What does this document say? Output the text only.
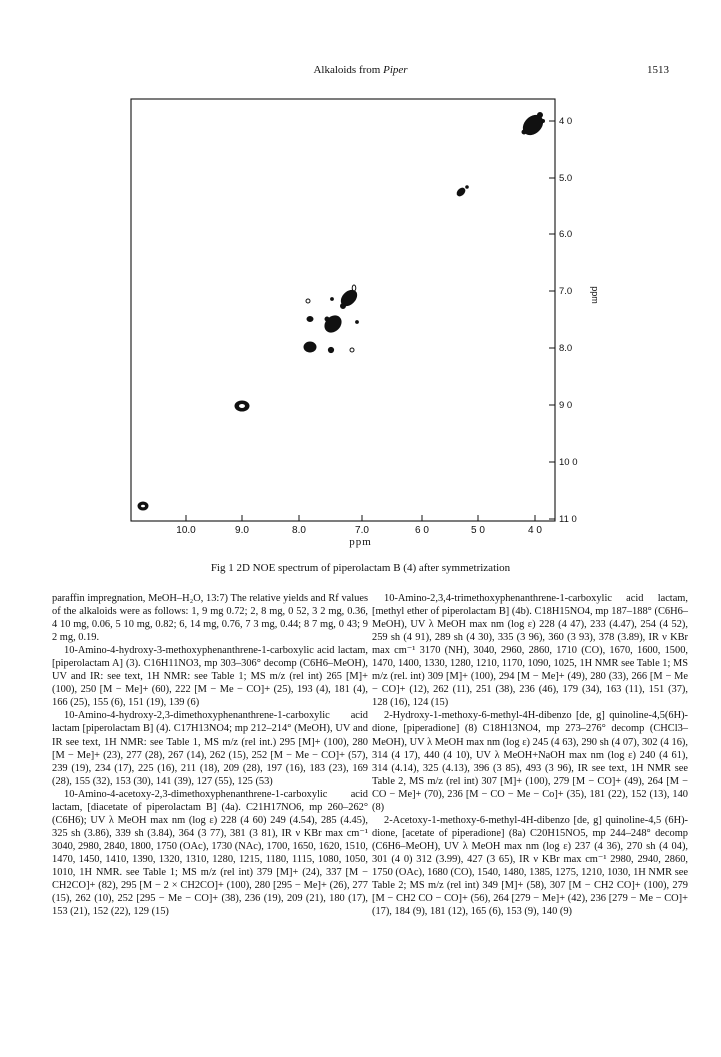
Alkaloids from Piper	1513
4 0
5.0
6.0
7.0
8.0
9 0
10 0
11 0
ppm
10.0	9.0	8.0	7.0	6 0	5 0	4 0
ppm
Fig 1 2D NOE spectrum of piperolactam B (4) after symmetrization

paraffin impregnation, MeOH–H₂O, 13:7) The relative yields and Rf values of the alkaloids were as follows: 1, 9 mg 0.72; 2, 8 mg, 0 52, 3 2 mg, 0.36, 4 10 mg, 0.06, 5 10 mg, 0.82; 6, 14 mg, 0.76, 7 3 mg, 0.44; 8 7 mg, 0 43; 9 2 mg, 0.19.

10-Amino-4-hydroxy-3-methoxyphenanthrene-1-carboxylic acid lactam, [piperolactam A] (3). C16H11NO3, mp 303–306° decomp (C6H6–MeOH), UV and IR: see text, 1H NMR: see Table 1; MS m/z (rel int) 265 [M]+ (100), 250 [M − Me]+ (60), 222 [M − Me − CO]+ (25), 193 (4), 181 (4), 166 (25), 155 (6), 151 (19), 139 (6)

10-Amino-4-hydroxy-2,3-dimethoxyphenanthrene-1-carboxylic acid lactam [piperolactam B] (4). C17H13NO4; mp 212–214° (MeOH), UV and IR see text, 1H NMR: see Table 1, MS m/z (rel int.) 295 [M]+ (100), 280 [M − Me]+ (23), 277 (28), 267 (14), 262 (15), 252 [M − Me − CO]+ (57), 239 (19), 234 (17), 225 (16), 211 (18), 209 (28), 197 (16), 183 (23), 169 (28), 155 (32), 153 (30), 141 (39), 127 (55), 125 (53)

10-Amino-4-acetoxy-2,3-dimethoxyphenanthrene-1-carboxylic acid lactam, [diacetate of piperolactam B] (4a). C21H17NO6, mp 260–262° (C6H6); UV λ MeOH max nm (log ε) 228 (4 60) 249 (4.54), 285 (4.45), 325 sh (3.86), 339 sh (3.84), 364 (3 77), 381 (3 81), IR ν KBr max cm⁻¹ 3040, 2980, 2840, 1800, 1750 (OAc), 1730 (NAc), 1700, 1650, 1620, 1510, 1470, 1450, 1410, 1390, 1320, 1310, 1280, 1215, 1180, 1115, 1080, 1050, 1010, 1H NMR. see Table 1; MS m/z (rel int) 379 [M]+ (24), 337 [M − CH2CO]+ (82), 295 [M − 2 × CH2CO]+ (100), 280 [295 − Me]+ (26), 277 (15), 262 (10), 252 [295 − Me − CO]+ (38), 236 (19), 209 (21), 180 (17), 153 (21), 152 (22), 129 (15)

10-Amino-2,3,4-trimethoxyphenanthrene-1-carboxylic acid lactam, [methyl ether of piperolactam B] (4b). C18H15NO4, mp 187–188° (C6H6–MeOH), UV λ MeOH max nm (log ε) 228 (4 47), 233 (4.47), 254 (4 52), 259 sh (4 91), 289 sh (4 30), 335 (3 96), 360 (3 93), 378 (3.89), IR ν KBr max cm⁻¹ 3170 (NH), 3040, 2960, 2860, 1710 (CO), 1670, 1600, 1500, 1470, 1400, 1330, 1280, 1210, 1170, 1090, 1025, 1H NMR see Table 1; MS m/z (rel. int) 309 [M]+ (100), 294 [M − Me]+ (49), 280 (33), 266 [M − Me − CO]+ (12), 262 (11), 251 (38), 236 (46), 179 (34), 163 (11), 151 (37), 128 (16), 124 (15)

2-Hydroxy-1-methoxy-6-methyl-4H-dibenzo [de, g] quinoline-4,5(6H)-dione, [piperadione] (8) C18H13NO4, mp 273–276° decomp (CHCl3–MeOH), UV λ MeOH max nm (log ε) 245 (4 63), 290 sh (4 07), 302 (4 16), 314 (4 17), 440 (4 10), UV λ MeOH+NaOH max nm (log ε) 240 (4 61), 314 (4.14), 325 (4.13), 396 (3 85), 493 (3 96), IR see text, 1H NMR see Table 2, MS m/z (rel int) 307 [M]+ (100), 279 [M − CO]+ (49), 264 [M − CO − Me]+ (70), 236 [M − CO − Me − Co]+ (35), 181 (22), 152 (13), 140 (8)

2-Acetoxy-1-methoxy-6-methyl-4H-dibenzo [de, g] quinoline-4,5 (6H)- dione, [acetate of piperadione] (8a) C20H15NO5, mp 244–248° decomp (C6H6–MeOH), UV λ MeOH max nm (log ε) 237 (4 36), 270 sh (4 04), 301 (4 0) 312 (3.99), 427 (3 65), IR ν KBr max cm⁻¹ 2980, 2940, 2860, 1750 (OAc), 1680 (CO), 1540, 1480, 1385, 1275, 1210, 1030, 1H NMR see Table 2; MS m/z (rel int) 349 [M]+ (58), 307 [M − CH2 CO]+ (100), 279 [M − CH2 CO − CO]+ (56), 264 [279 − Me]+ (42), 236 [279 − Me − CO]+ (17), 184 (9), 181 (12), 165 (6), 153 (9), 140 (9)
